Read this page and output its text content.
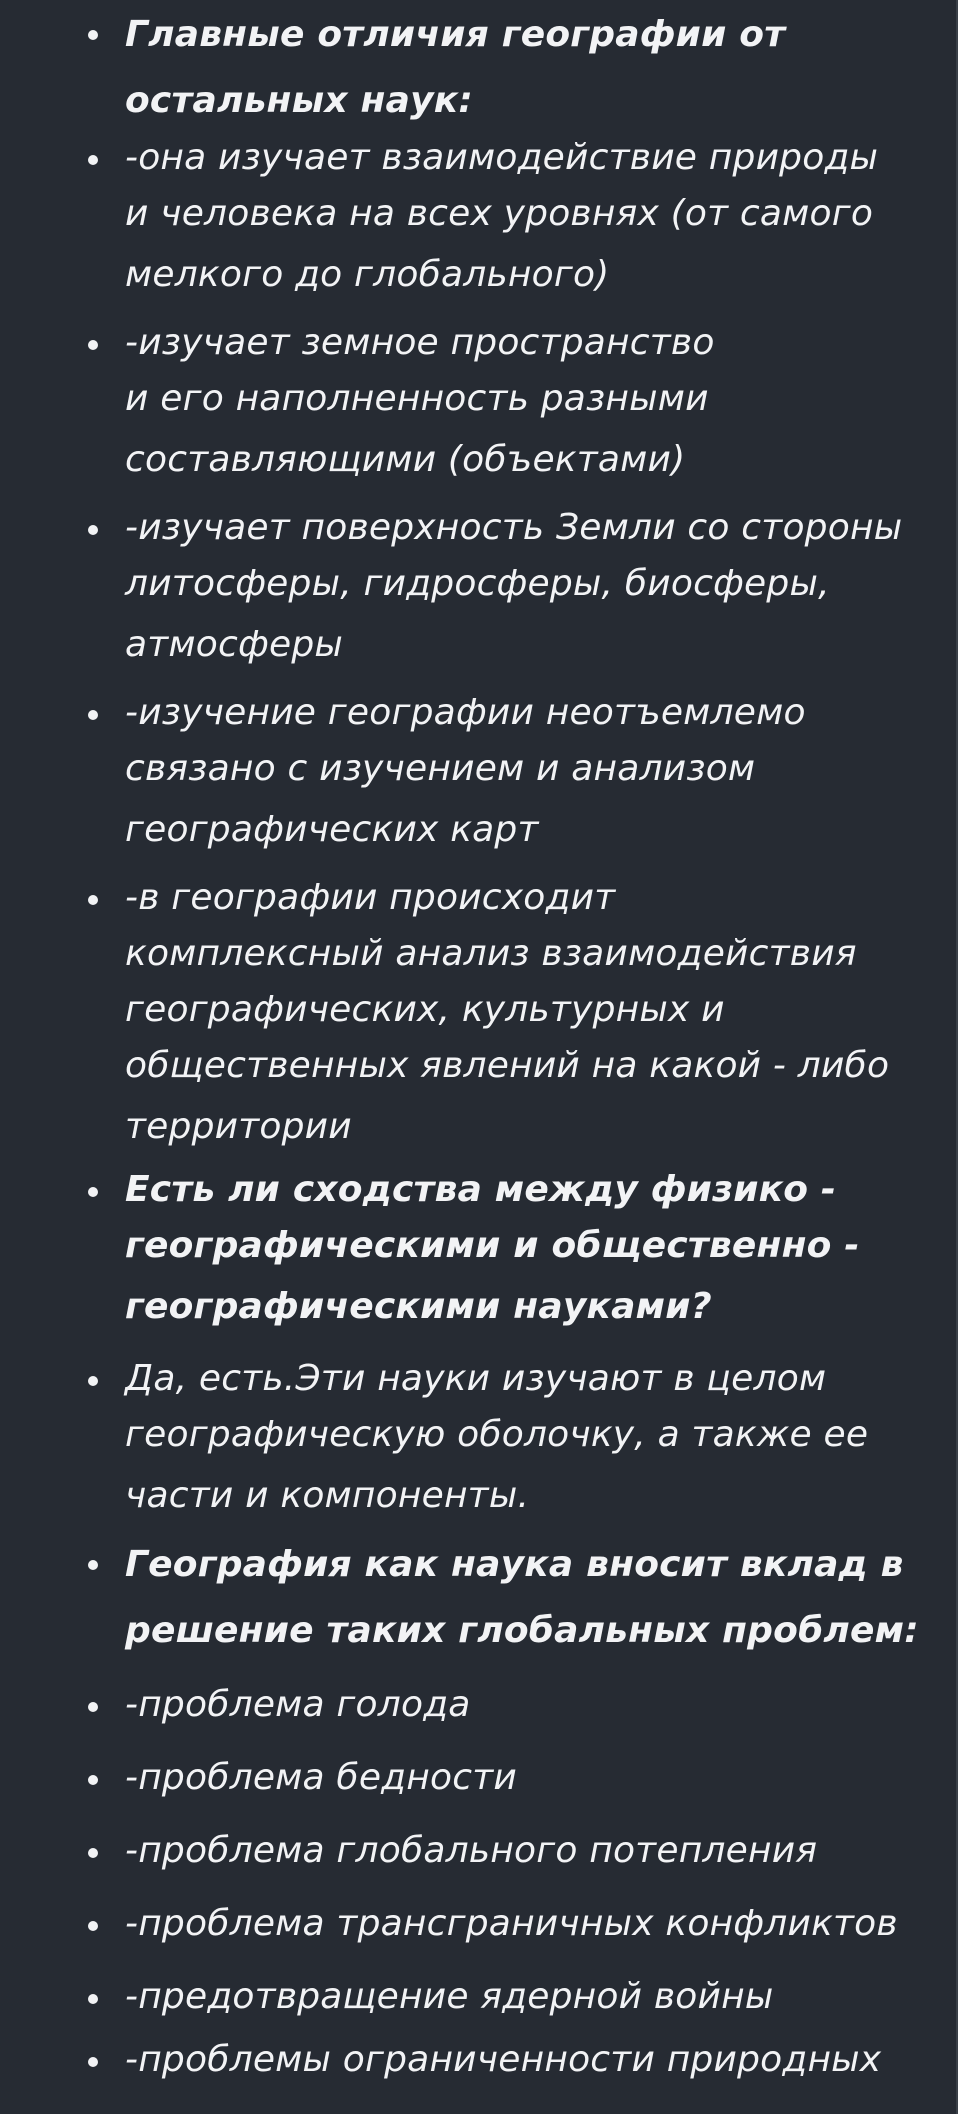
Главные отличия географии от
остальных наук:
-она изучает взаимодействие природы
и человека на всех уровнях (от самого
мелкого до глобального)
-изучает земное пространство
и его наполненность разными
составляющими (объектами)
-изучает поверхность Земли со стороны
литосферы, гидросферы, биосферы,
атмосферы
-изучение географии неотъемлемо
связано с изучением и анализом
географических карт
-в географии происходит
комплексный анализ взаимодействия
географических, культурных и
общественных явлений на какой - либо
территории
Есть ли сходства между физико -
географическими и общественно -
географическими науками?
Да, есть.Эти науки изучают в целом
географическую оболочку, а также ее
части и компоненты.
География как наука вносит вклад в
решение таких глобальных проблем:
-проблема голода
-проблема бедности
-проблема глобального потепления
-проблема трансграничных конфликтов
-предотвращение ядерной войны
-проблемы ограниченности природных
